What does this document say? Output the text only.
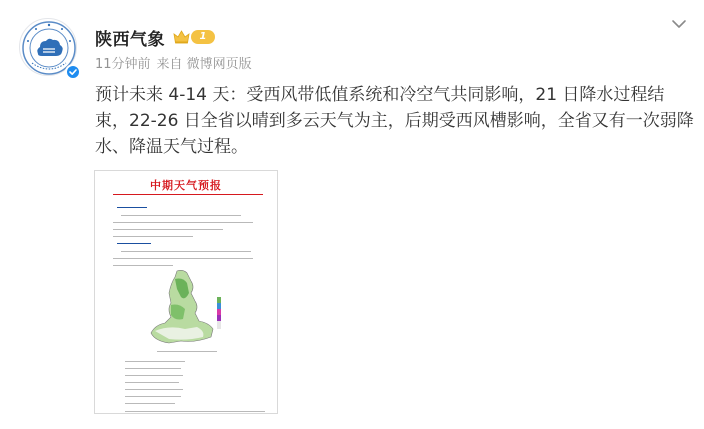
陕西气象	1
11分钟前 来自 微博网页版
预计未来 4-14 天：受西风带低值系统和冷空气共同影响，21 日降水过程结束，22-26 日全省以晴到多云天气为主，后期受西风槽影响，全省又有一次弱降水、降温天气过程。
中期天气预报
